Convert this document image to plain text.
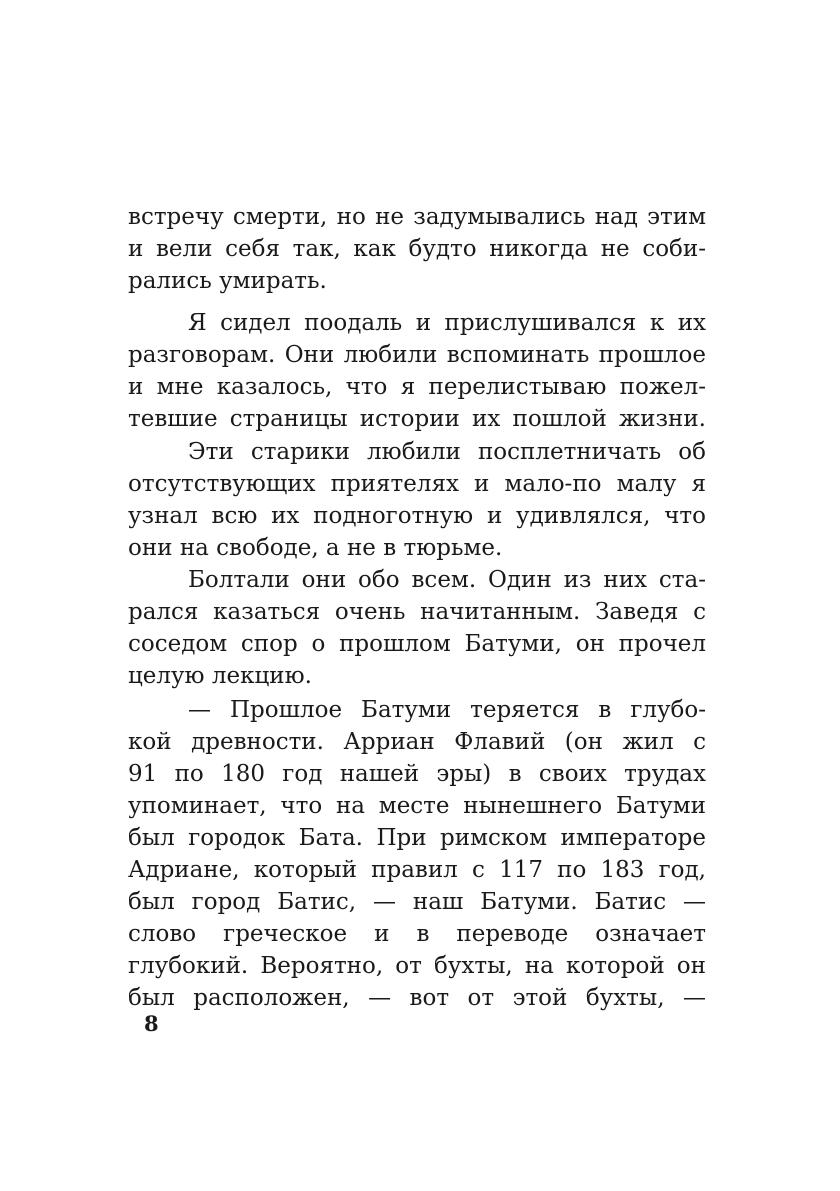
встречу смерти, но не задумывались над этим
и вели себя так, как будто никогда не соби-
рались умирать.
Я сидел поодаль и прислушивался к их
разговорам. Они любили вспоминать прошлое
и мне казалось, что я перелистываю пожел-
тевшие страницы истории их пошлой жизни.
Эти старики любили посплетничать об
отсутствующих приятелях и мало-по малу я
узнал всю их подноготную и удивлялся, что
они на свободе, а не в тюрьме.
Болтали они обо всем. Один из них ста-
рался казаться очень начитанным. Заведя с
соседом спор о прошлом Батуми, он прочел
целую лекцию.
— Прошлое Батуми теряется в глубо-
кой древности. Арриан Флавий (он жил с
91 по 180 год нашей эры) в своих трудах
упоминает, что на месте нынешнего Батуми
был городок Бата. При римском императоре
Адриане, который правил с 117 по 183 год,
был город Батис, — наш Батуми. Батис —
слово греческое и в переводе означает
глубокий. Вероятно, от бухты, на которой он
был расположен, — вот от этой бухты, —
8
